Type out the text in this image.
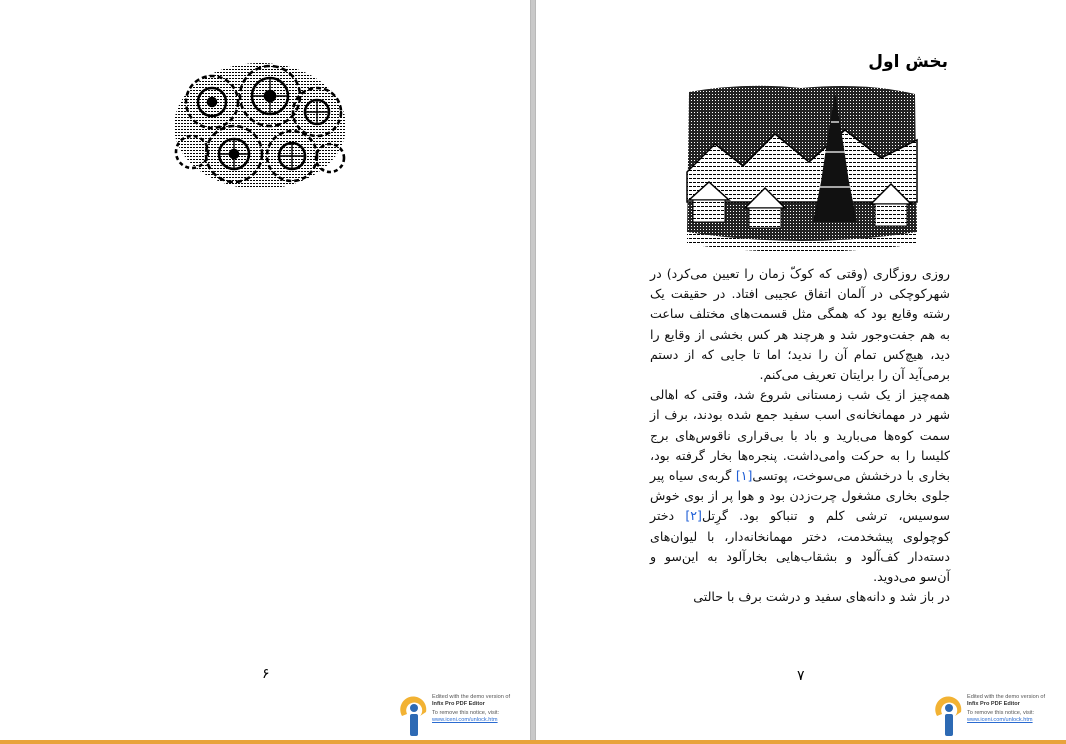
۶
Edited with the demo version of
Infix Pro PDF Editor
To remove this notice, visit:
www.iceni.com/unlock.htm
بخش اول

روزی روزگاری (وقتی که کوکّ زمان را تعیین می‌کرد) در شهرکوچکی در آلمان اتفاق عجیبی افتاد. در حقیقت یک رشته وقایع بود که همگی مثل قسمت‌های مختلف ساعت به هم جفت‌وجور شد و هرچند هر کس بخشی از وقایع را دید، هیچ‌کس تمام آن را ندید؛ اما تا جایی که از دستم برمی‌آید آن را برایتان تعریف می‌کنم.

همه‌چیز از یک شب زمستانی شروع شد، وقتی که اهالی شهر در مهمانخانه‌ی اسب سفید جمع شده بودند، برف از سمت کوه‌ها می‌بارید و باد با بی‌قراری ناقوس‌های برج کلیسا را به حرکت وامی‌داشت. پنجره‌ها بخار گرفته بود، بخاری با درخشش می‌سوخت، پوتسی[۱] گربه‌ی سیاه پیر جلوی بخاری مشغول چرت‌زدن بود و هوا پر از بوی خوش سوسیس، ترشی کلم و تنباکو بود. گرِتل[۲] دختر کوچولوی پیشخدمت، دختر مهمانخانه‌دار، با لیوان‌های دسته‌دار کف‌آلود و بشقاب‌هایی بخارآلود به این‌سو و آن‌سو می‌دوید.

در باز شد و دانه‌های سفید و درشت برف با حالتی

۷
Edited with the demo version of
Infix Pro PDF Editor
To remove this notice, visit:
www.iceni.com/unlock.htm
